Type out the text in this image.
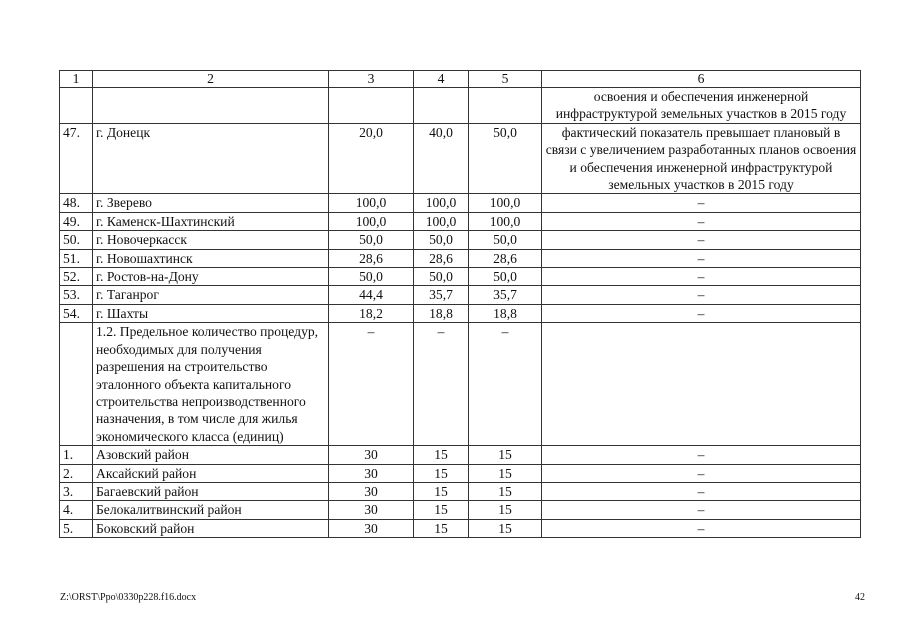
1	2	3	4	5	6
					освоения и обеспечения инженерной инфраструктурой земельных участков в 2015 году
47.	г. Донецк	20,0	40,0	50,0	фактический показатель превышает плановый в связи с увеличением разработанных планов освоения и обеспечения инженерной инфраструктурой земельных участков в 2015 году
48.	г. Зверево	100,0	100,0	100,0	–
49.	г. Каменск-Шахтинский	100,0	100,0	100,0	–
50.	г. Новочеркасск	50,0	50,0	50,0	–
51.	г. Новошахтинск	28,6	28,6	28,6	–
52.	г. Ростов-на-Дону	50,0	50,0	50,0	–
53.	г. Таганрог	44,4	35,7	35,7	–
54.	г. Шахты	18,2	18,8	18,8	–
	1.2. Предельное количество процедур, необходимых для получения разрешения на строительство эталонного объекта капитального строительства непроизводственного назначения, в том числе для жилья экономического класса (единиц)	–	–	–	
1.	Азовский район	30	15	15	–
2.	Аксайский район	30	15	15	–
3.	Багаевский район	30	15	15	–
4.	Белокалитвинский район	30	15	15	–
5.	Боковский район	30	15	15	–
Z:\ORST\Ppo\0330p228.f16.docx	42
